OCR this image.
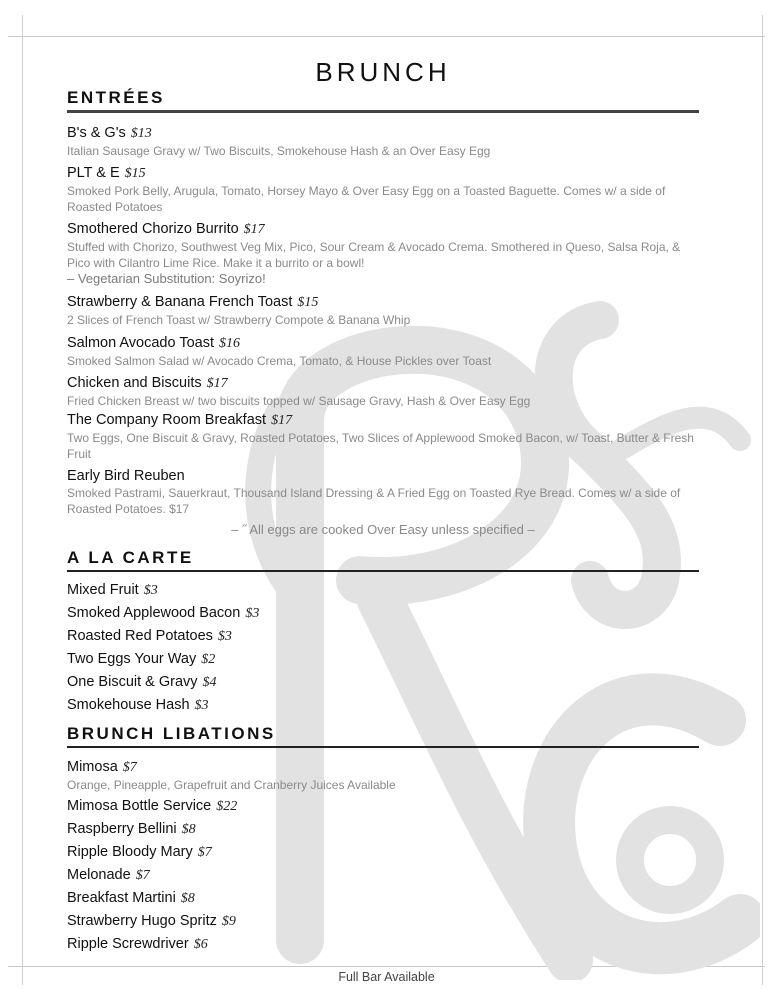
BRUNCH
ENTRÉES
B's & G's $13
Italian Sausage Gravy w/ Two Biscuits, Smokehouse Hash & an Over Easy Egg
PLT & E $15
Smoked Pork Belly, Arugula, Tomato, Horsey Mayo & Over Easy Egg on a Toasted Baguette. Comes w/ a side of Roasted Potatoes
Smothered Chorizo Burrito $17
Stuffed with Chorizo, Southwest Veg Mix, Pico, Sour Cream & Avocado Crema. Smothered in Queso, Salsa Roja, & Pico with Cilantro Lime Rice. Make it a burrito or a bowl!
– Vegetarian Substitution: Soyrizo!
Strawberry & Banana French Toast $15
2 Slices of French Toast w/ Strawberry Compote & Banana Whip
Salmon Avocado Toast $16
Smoked Salmon Salad w/ Avocado Crema, Tomato, & House Pickles over Toast
Chicken and Biscuits $17
Fried Chicken Breast w/ two biscuits topped w/ Sausage Gravy, Hash & Over Easy Egg
The Company Room Breakfast $17
Two Eggs, One Biscuit & Gravy, Roasted Potatoes, Two Slices of Applewood Smoked Bacon, w/ Toast, Butter & Fresh Fruit
Early Bird Reuben
Smoked Pastrami, Sauerkraut, Thousand Island Dressing & A Fried Egg on Toasted Rye Bread. Comes w/ a side of Roasted Potatoes. $17
– ˝ All eggs are cooked Over Easy unless specified –
A LA CARTE
Mixed Fruit $3
Smoked Applewood Bacon $3
Roasted Red Potatoes $3
Two Eggs Your Way $2
One Biscuit & Gravy $4
Smokehouse Hash $3
BRUNCH LIBATIONS
Mimosa $7
Orange, Pineapple, Grapefruit and Cranberry Juices Available
Mimosa Bottle Service $22
Raspberry Bellini $8
Ripple Bloody Mary $7
Melonade $7
Breakfast Martini $8
Strawberry Hugo Spritz $9
Ripple Screwdriver $6
Full Bar Available
